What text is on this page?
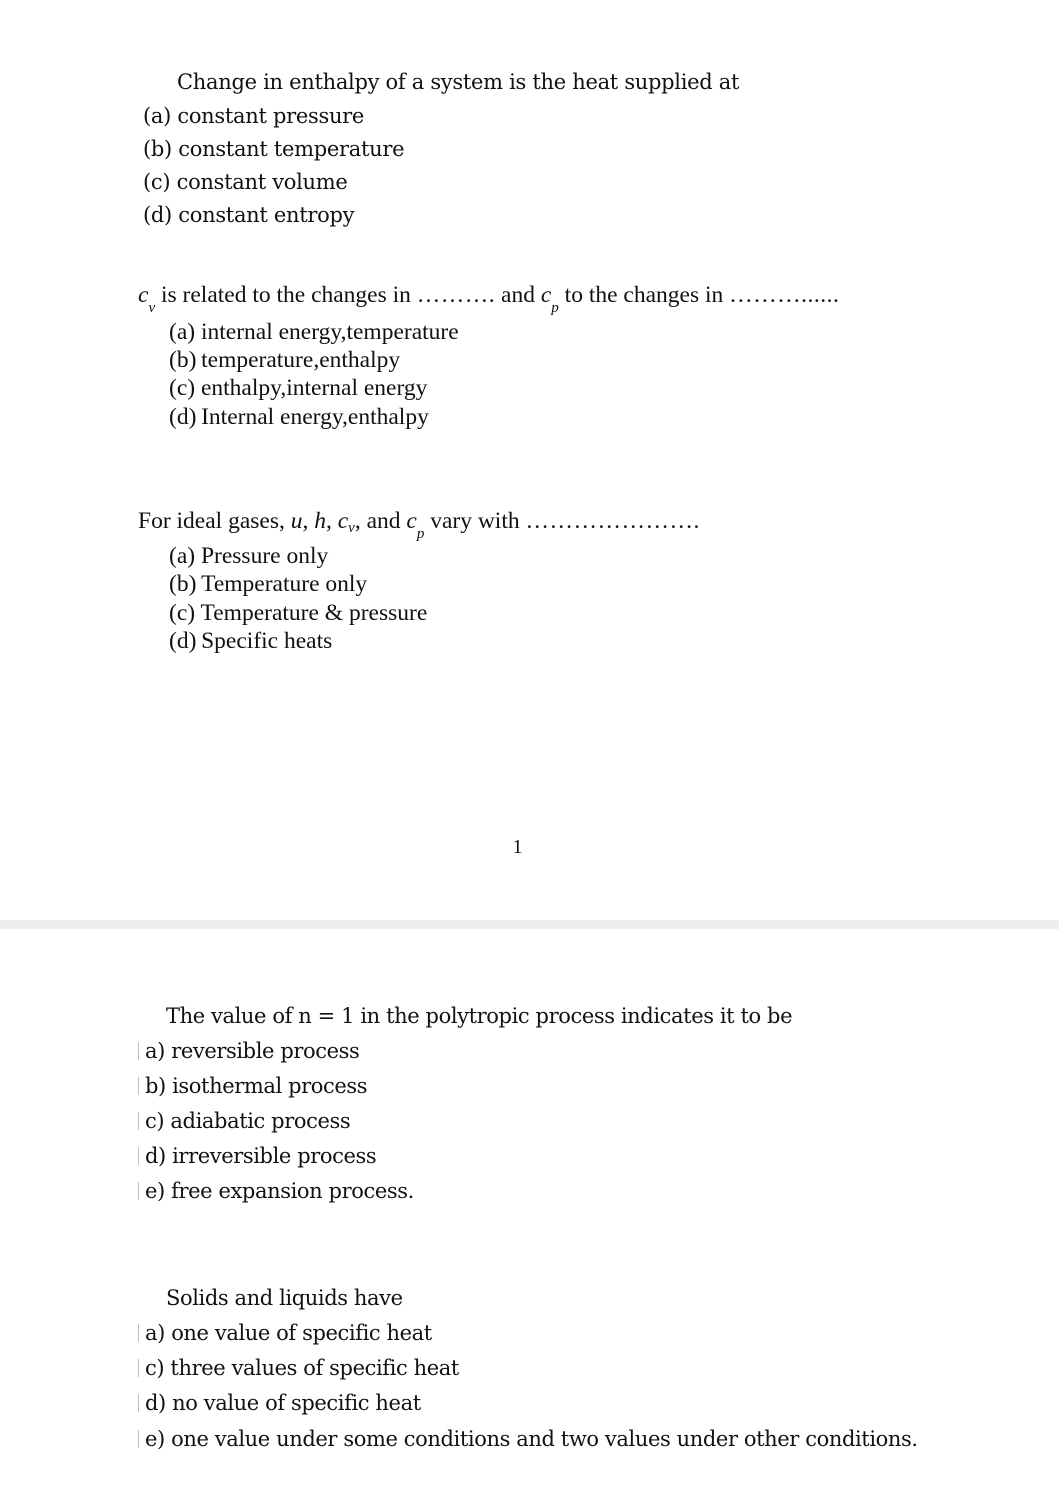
Change in enthalpy of a system is the heat supplied at
(a) constant pressure
(b) constant temperature
(c) constant volume
(d) constant entropy
$c_v$ is related to the changes in ………. and $c_p$ to the changes in ………......
(a) internal energy,temperature
(b) temperature,enthalpy
(c) enthalpy,internal energy
(d) Internal energy,enthalpy
For ideal gases, u, h, cv, and $c_p$ vary with ………………….
(a) Pressure only
(b) Temperature only
(c) Temperature & pressure
(d) Specific heats
1
The value of n = 1 in the polytropic process indicates it to be
a) reversible process
b) isothermal process
c) adiabatic process
d) irreversible process
e) free expansion process.
Solids and liquids have
a) one value of specific heat
c) three values of specific heat
d) no value of specific heat
e) one value under some conditions and two values under other conditions.
